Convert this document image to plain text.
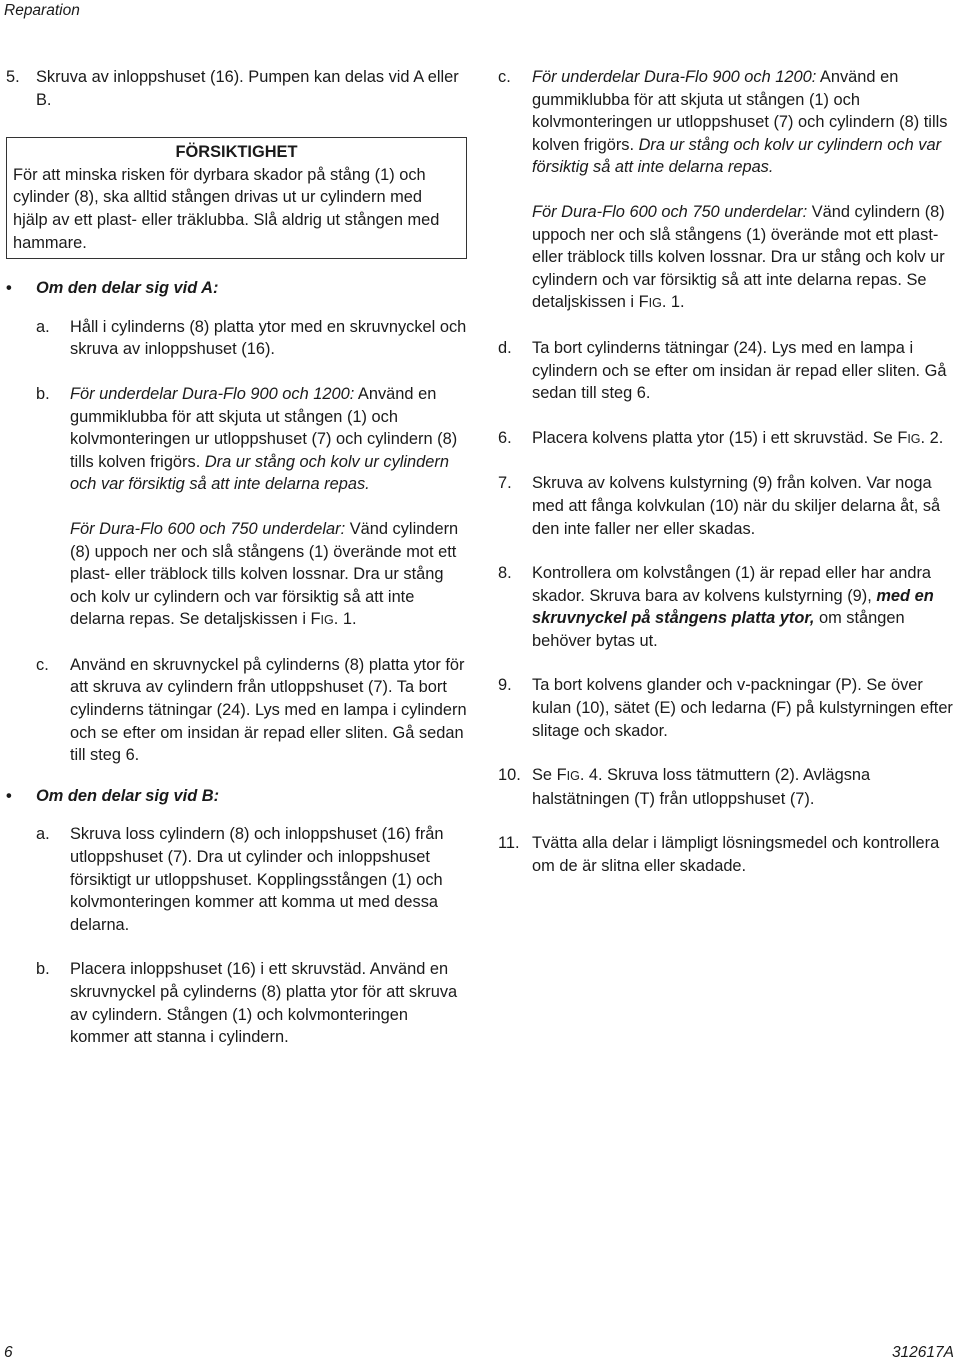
Reparation
5. Skruva av inloppshuset (16). Pumpen kan delas vid A eller B.

FÖRSIKTIGHET

För att minska risken för dyrbara skador på stång (1) och cylinder (8), ska alltid stången drivas ut ur cylindern med hjälp av ett plast- eller träklubba. Slå aldrig ut stången med hammare.

• Om den delar sig vid A:
a. Håll i cylinderns (8) platta ytor med en skruvnyckel och skruva av inloppshuset (16).

b. För underdelar Dura-Flo 900 och 1200: Använd en gummiklubba för att skjuta ut stången (1) och kolvmonteringen ur utloppshuset (7) och cylindern (8) tills kolven frigörs. Dra ur stång och kolv ur cylindern och var försiktig så att inte delarna repas.

För Dura-Flo 600 och 750 underdelar: Vänd cylindern (8) uppoch ner och slå stångens (1) överände mot ett plast- eller träblock tills kolven lossnar. Dra ur stång och kolv ur cylindern och var försiktig så att inte delarna repas. Se detaljskissen i FIG. 1.

c. Använd en skruvnyckel på cylinderns (8) platta ytor för att skruva av cylindern från utloppshuset (7). Ta bort cylinderns tätningar (24). Lys med en lampa i cylindern och se efter om insidan är repad eller sliten. Gå sedan till steg 6.

• Om den delar sig vid B:
a. Skruva loss cylindern (8) och inloppshuset (16) från utloppshuset (7). Dra ut cylinder och inloppshuset försiktigt ur utloppshuset. Kopplingsstången (1) och kolvmonteringen kommer att komma ut med dessa delarna.

b. Placera inloppshuset (16) i ett skruvstäd. Använd en skruvnyckel på cylinderns (8) platta ytor för att skruva av cylindern. Stången (1) och kolvmonteringen kommer att stanna i cylindern.

c. För underdelar Dura-Flo 900 och 1200: Använd en gummiklubba för att skjuta ut stången (1) och kolvmonteringen ur utloppshuset (7) och cylindern (8) tills kolven frigörs. Dra ur stång och kolv ur cylindern och var försiktig så att inte delarna repas.

För Dura-Flo 600 och 750 underdelar: Vänd cylindern (8) uppoch ner och slå stångens (1) överände mot ett plast- eller träblock tills kolven lossnar. Dra ur stång och kolv ur cylindern och var försiktig så att inte delarna repas. Se detaljskissen i FIG. 1.

d. Ta bort cylinderns tätningar (24). Lys med en lampa i cylindern och se efter om insidan är repad eller sliten. Gå sedan till steg 6.

6. Placera kolvens platta ytor (15) i ett skruvstäd. Se FIG. 2.

7. Skruva av kolvens kulstyrning (9) från kolven. Var noga med att fånga kolvkulan (10) när du skiljer delarna åt, så den inte faller ner eller skadas.

8. Kontrollera om kolvstången (1) är repad eller har andra skador. Skruva bara av kolvens kulstyrning (9), med en skruvnyckel på stångens platta ytor, om stången behöver bytas ut.

9. Ta bort kolvens glander och v-packningar (P). Se över kulan (10), sätet (E) och ledarna (F) på kulstyrningen efter slitage och skador.

10. Se FIG. 4. Skruva loss tätmuttern (2). Avlägsna halstätningen (T) från utloppshuset (7).

11. Tvätta alla delar i lämpligt lösningsmedel och kontrollera om de är slitna eller skadade.

6	312617A
